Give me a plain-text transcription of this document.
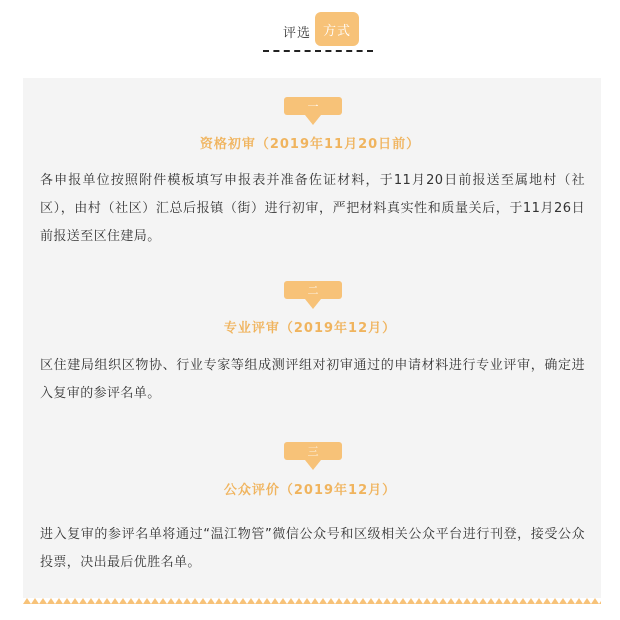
评选 方式
一
资格初审（2019年11月20日前）
各申报单位按照附件模板填写申报表并准备佐证材料，于11月20日前报送至属地村（社区），由村（社区）汇总后报镇（街）进行初审，严把材料真实性和质量关后，于11月26日前报送至区住建局。
二
专业评审（2019年12月）
区住建局组织区物协、行业专家等组成测评组对初审通过的申请材料进行专业评审，确定进入复审的参评名单。
三
公众评价（2019年12月）
进入复审的参评名单将通过“温江物管”微信公众号和区级相关公众平台进行刊登，接受公众投票，决出最后优胜名单。
